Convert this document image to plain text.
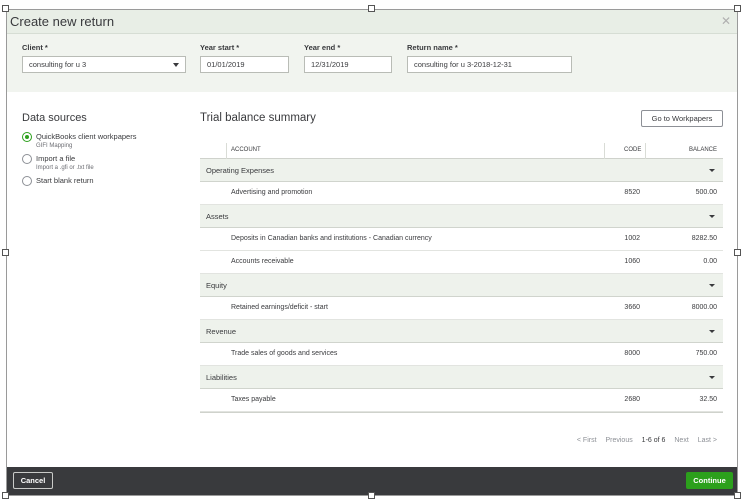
Create new return	✕
Client *
consulting for u 3
Year start *
01/01/2019
Year end *
12/31/2019
Return name *
consulting for u 3-2018-12-31
Data sources
QuickBooks client workpapers
GIFI Mapping
Import a file
Import a .gfi or .txt file
Start blank return
Trial balance summary	Go to Workpapers
ACCOUNT	CODE	BALANCE
Operating Expenses
Advertising and promotion	8520	500.00
Assets
Deposits in Canadian banks and institutions - Canadian currency	1002	8282.50
Accounts receivable	1060	0.00
Equity
Retained earnings/deficit - start	3660	8000.00
Revenue
Trade sales of goods and services	8000	750.00
Liabilities
Taxes payable	2680	32.50
< First Previous 1-6 of 6 Next Last >
Cancel	Continue
